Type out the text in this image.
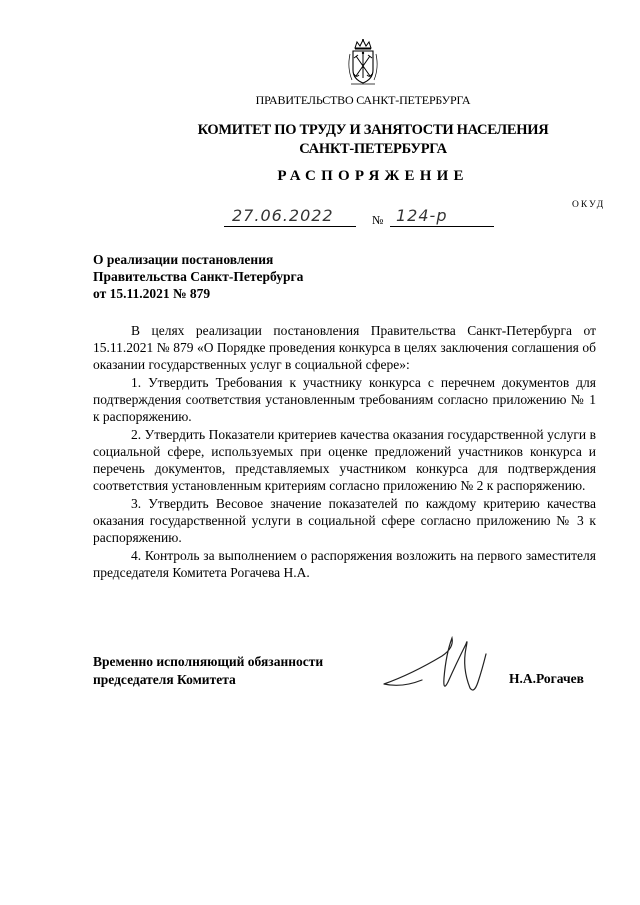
ПРАВИТЕЛЬСТВО САНКТ-ПЕТЕРБУРГА
КОМИТЕТ ПО ТРУДУ И ЗАНЯТОСТИ НАСЕЛЕНИЯ
САНКТ-ПЕТЕРБУРГА
РАСПОРЯЖЕНИЕ
ОКУД
27.06.2022	№ 124-р
О реализации постановления
Правительства Санкт-Петербурга
от 15.11.2021 № 879

В целях реализации постановления Правительства Санкт-Петербурга от 15.11.2021 № 879 «О Порядке проведения конкурса в целях заключения соглашения об оказании государственных услуг в социальной сфере»:

1. Утвердить Требования к участнику конкурса с перечнем документов для подтверждения соответствия установленным требованиям согласно приложению № 1 к распоряжению.

2. Утвердить Показатели критериев качества оказания государственной услуги в социальной сфере, используемых при оценке предложений участников конкурса и перечень документов, представляемых участником конкурса для подтверждения соответствия установленным критериям согласно приложению № 2 к распоряжению.

3. Утвердить Весовое значение показателей по каждому критерию качества оказания государственной услуги в социальной сфере согласно приложению № 3 к распоряжению.

4. Контроль за выполнением о распоряжения возложить на первого заместителя председателя Комитета Рогачева Н.А.

Временно исполняющий обязанности
председателя Комитета	Н.А.Рогачев
